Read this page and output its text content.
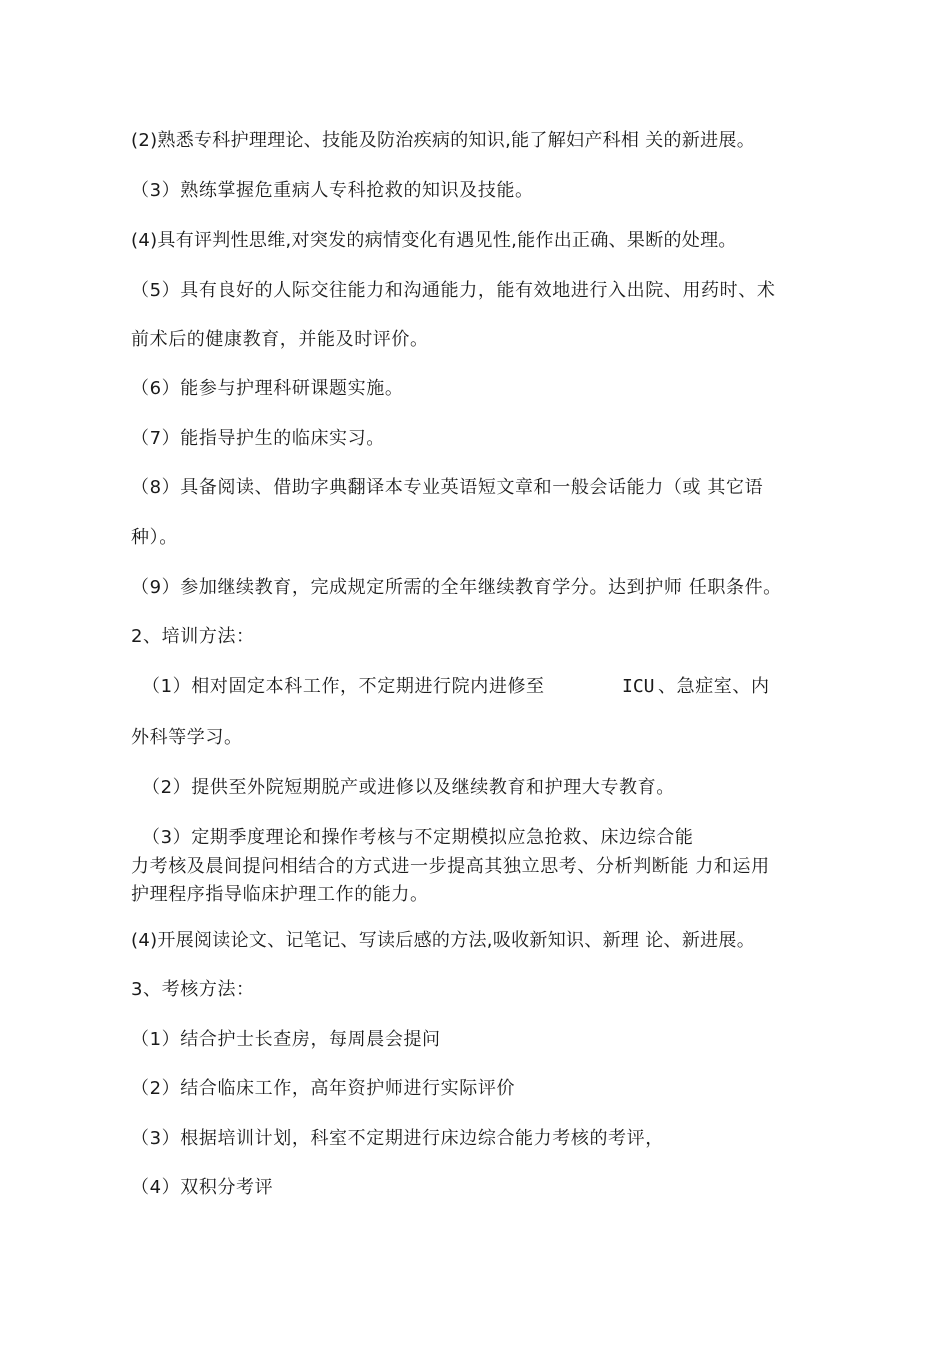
(2)熟悉专科护理理论、技能及防治疾病的知识,能了解妇产科相 关的新进展。
（3）熟练掌握危重病人专科抢救的知识及技能。
(4)具有评判性思维,对突发的病情变化有遇见性,能作出正确、果断的处理。
（5）具有良好的人际交往能力和沟通能力，能有效地进行入出院、用药时、术
前术后的健康教育，并能及时评价。
（6）能参与护理科研课题实施。
（7）能指导护生的临床实习。
（8）具备阅读、借助字典翻译本专业英语短文章和一般会话能力（或 其它语
种）。
（9）参加继续教育，完成规定所需的全年继续教育学分。达到护师 任职条件。
2、培训方法：
（1）相对固定本科工作，不定期进行院内进修至	ICU 、急症室、内
外科等学习。
（2）提供至外院短期脱产或进修以及继续教育和护理大专教育。
（3）定期季度理论和操作考核与不定期模拟应急抢救、床边综合能
力考核及晨间提问相结合的方式进一步提高其独立思考、分析判断能 力和运用
护理程序指导临床护理工作的能力。
(4)开展阅读论文、记笔记、写读后感的方法,吸收新知识、新理 论、新进展。
3、考核方法：
（1）结合护士长查房，每周晨会提问
（2）结合临床工作，高年资护师进行实际评价
（3）根据培训计划，科室不定期进行床边综合能力考核的考评，
（4）双积分考评
